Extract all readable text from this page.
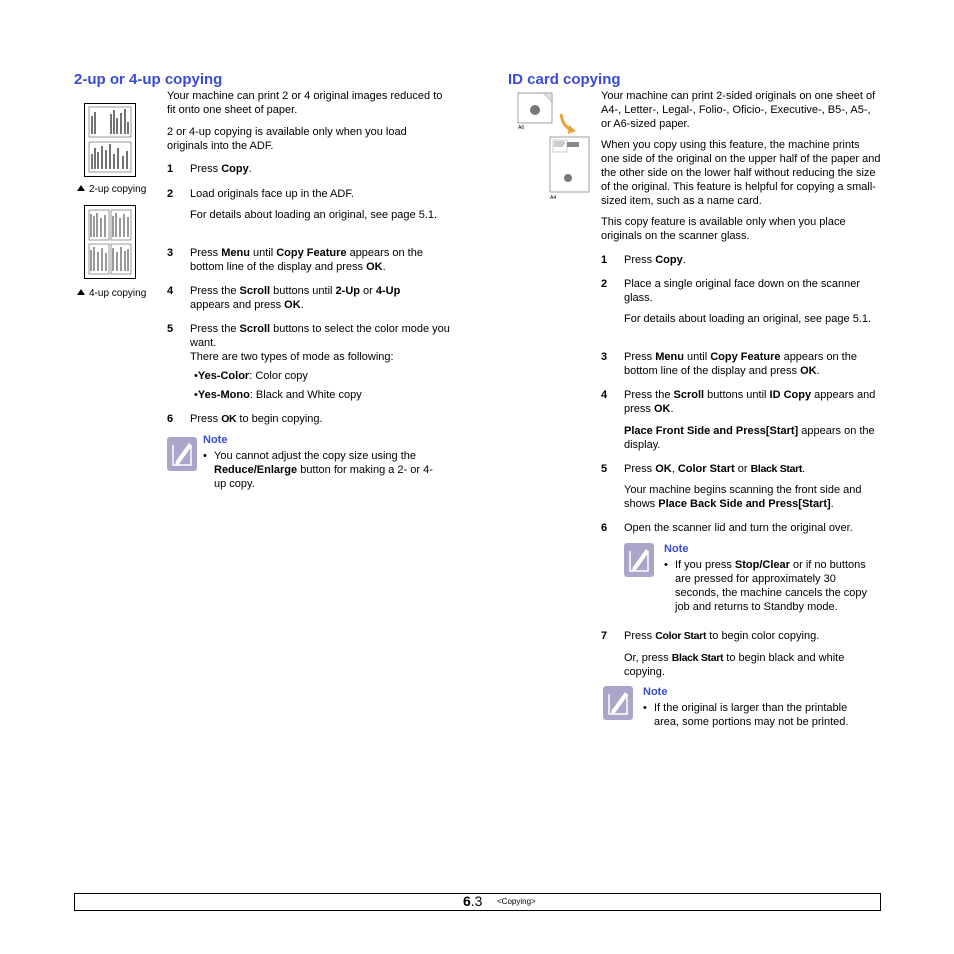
2-up or 4-up copying
Your machine can print 2 or 4 original images reduced to fit onto one sheet of paper.
2 or 4-up copying is available only when you load originals into the ADF.
2-up copying
4-up copying
1 Press Copy.
2 Load originals face up in the ADF.
For details about loading an original, see page 5.1.
3 Press Menu until Copy Feature appears on the bottom line of the display and press OK.
4 Press the Scroll buttons until 2-Up or 4-Up
appears and press OK.
5 Press the Scroll buttons to select the color mode you want.
There are two types of mode as following:
•Yes-Color: Color copy
•Yes-Mono: Black and White copy
6 Press OK to begin copying.
Note
• You cannot adjust the copy size using the Reduce/Enlarge button for making a 2- or 4-up copy.
ID card copying
A6
A4
Your machine can print 2-sided originals on one sheet of A4-, Letter-, Legal-, Folio-, Oficio-, Executive-, B5-, A5-, or A6-sized paper.
When you copy using this feature, the machine prints one side of the original on the upper half of the paper and the other side on the lower half without reducing the size of the original. This feature is helpful for copying a small-sized item, such as a name card.
This copy feature is available only when you place originals on the scanner glass.
1 Press Copy.
2 Place a single original face down on the scanner glass.
For details about loading an original, see page 5.1.
3 Press Menu until Copy Feature appears on the bottom line of the display and press OK.
4 Press the Scroll buttons until ID Copy appears and press OK.
Place Front Side and Press[Start] appears on the display.
5 Press OK, Color Start or Black Start.
Your machine begins scanning the front side and shows Place Back Side and Press[Start].
6 Open the scanner lid and turn the original over.
Note
• If you press Stop/Clear or if no buttons are pressed for approximately 30 seconds, the machine cancels the copy job and returns to Standby mode.
7 Press Color Start to begin color copying.
Or, press Black Start to begin black and white copying.
Note
• If the original is larger than the printable area, some portions may not be printed.
6.3 <Copying>
